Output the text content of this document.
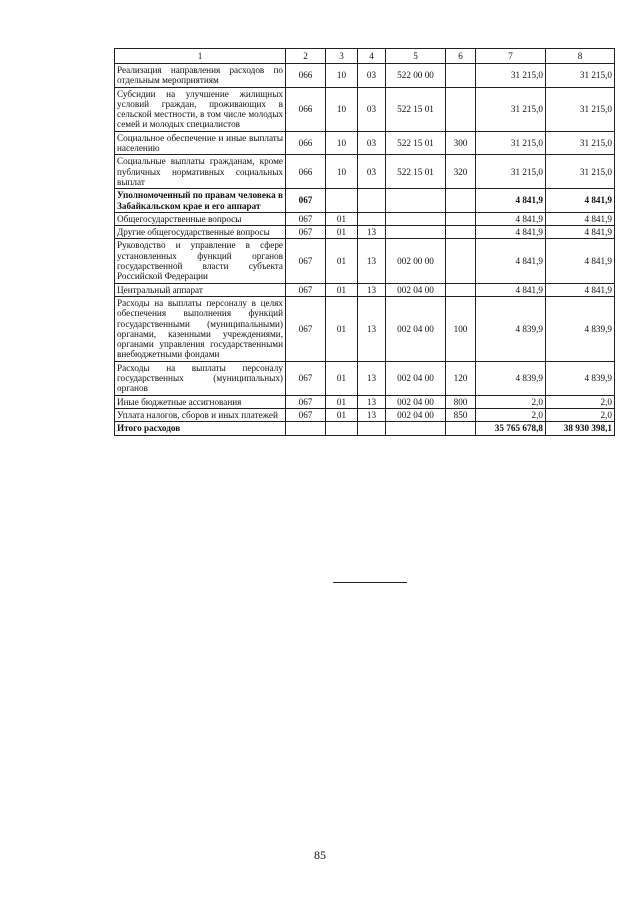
1	2	3	4	5	6	7	8
Реализация направления расходов по отдельным мероприятиям	066	10	03	522 00 00		31 215,0	31 215,0
Субсидии на улучшение жилищных условий граждан, проживающих в сельской местности, в том числе молодых семей и молодых специалистов	066	10	03	522 15 01		31 215,0	31 215,0
Социальное обеспечение и иные выплаты населению	066	10	03	522 15 01	300	31 215,0	31 215,0
Социальные выплаты гражданам, кроме публичных нормативных социальных выплат	066	10	03	522 15 01	320	31 215,0	31 215,0
Уполномоченный по правам человека в Забайкальском крае и его аппарат	067					4 841,9	4 841,9
Общегосударственные вопросы	067	01				4 841,9	4 841,9
Другие общегосударственные вопросы	067	01	13			4 841,9	4 841,9
Руководство и управление в сфере установленных функций органов государственной власти субъекта Российской Федерации	067	01	13	002 00 00		4 841,9	4 841,9
Центральный аппарат	067	01	13	002 04 00		4 841,9	4 841,9
Расходы на выплаты персоналу в целях обеспечения выполнения функций государственными (муниципальными) органами, казенными учреждениями, органами управления государственными внебюджетными фондами	067	01	13	002 04 00	100	4 839,9	4 839,9
Расходы на выплаты персоналу государственных (муниципальных) органов	067	01	13	002 04 00	120	4 839,9	4 839,9
Иные бюджетные ассигнования	067	01	13	002 04 00	800	2,0	2,0
Уплата налогов, сборов и иных платежей	067	01	13	002 04 00	850	2,0	2,0
Итого расходов						35 765 678,8	38 930 398,1
85
